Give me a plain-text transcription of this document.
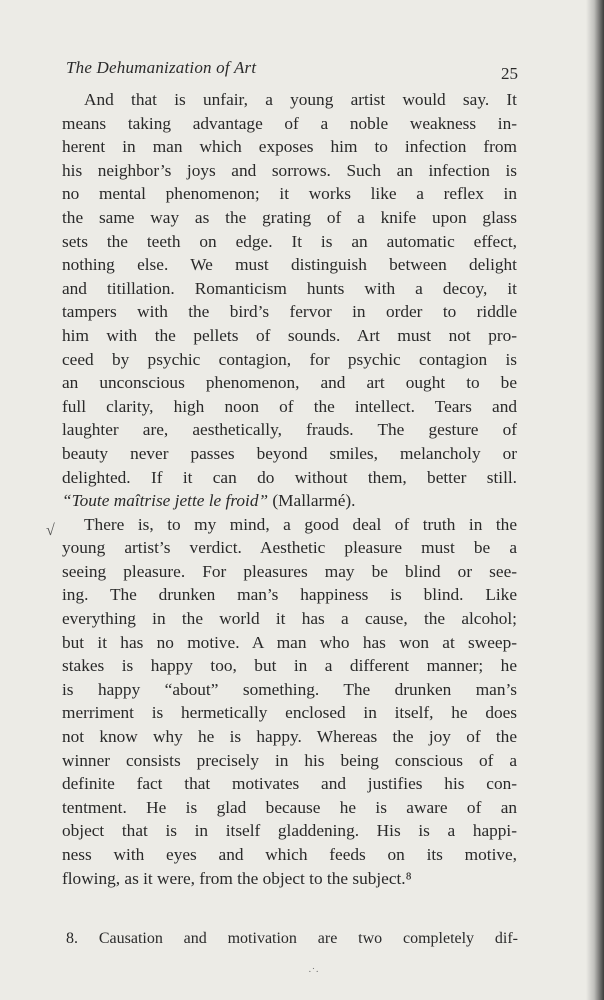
The Dehumanization of Art	25
√
And that is unfair, a young artist would say. It
means taking advantage of a noble weakness in-
herent in man which exposes him to infection from
his neighbor’s joys and sorrows. Such an infection is
no mental phenomenon; it works like a reflex in
the same way as the grating of a knife upon glass
sets the teeth on edge. It is an automatic effect,
nothing else. We must distinguish between delight
and titillation. Romanticism hunts with a decoy, it
tampers with the bird’s fervor in order to riddle
him with the pellets of sounds. Art must not pro-
ceed by psychic contagion, for psychic contagion is
an unconscious phenomenon, and art ought to be
full clarity, high noon of the intellect. Tears and
laughter are, aesthetically, frauds. The gesture of
beauty never passes beyond smiles, melancholy or
delighted. If it can do without them, better still.
“Toute maîtrise jette le froid” (Mallarmé).
There is, to my mind, a good deal of truth in the
young artist’s verdict. Aesthetic pleasure must be a
seeing pleasure. For pleasures may be blind or see-
ing. The drunken man’s happiness is blind. Like
everything in the world it has a cause, the alcohol;
but it has no motive. A man who has won at sweep-
stakes is happy too, but in a different manner; he
is happy “about” something. The drunken man’s
merriment is hermetically enclosed in itself, he does
not know why he is happy. Whereas the joy of the
winner consists precisely in his being conscious of a
definite fact that motivates and justifies his con-
tentment. He is glad because he is aware of an
object that is in itself gladdening. His is a happi-
ness with eyes and which feeds on its motive,
flowing, as it were, from the object to the subject.⁸
8. Causation and motivation are two completely dif-
·˙·
